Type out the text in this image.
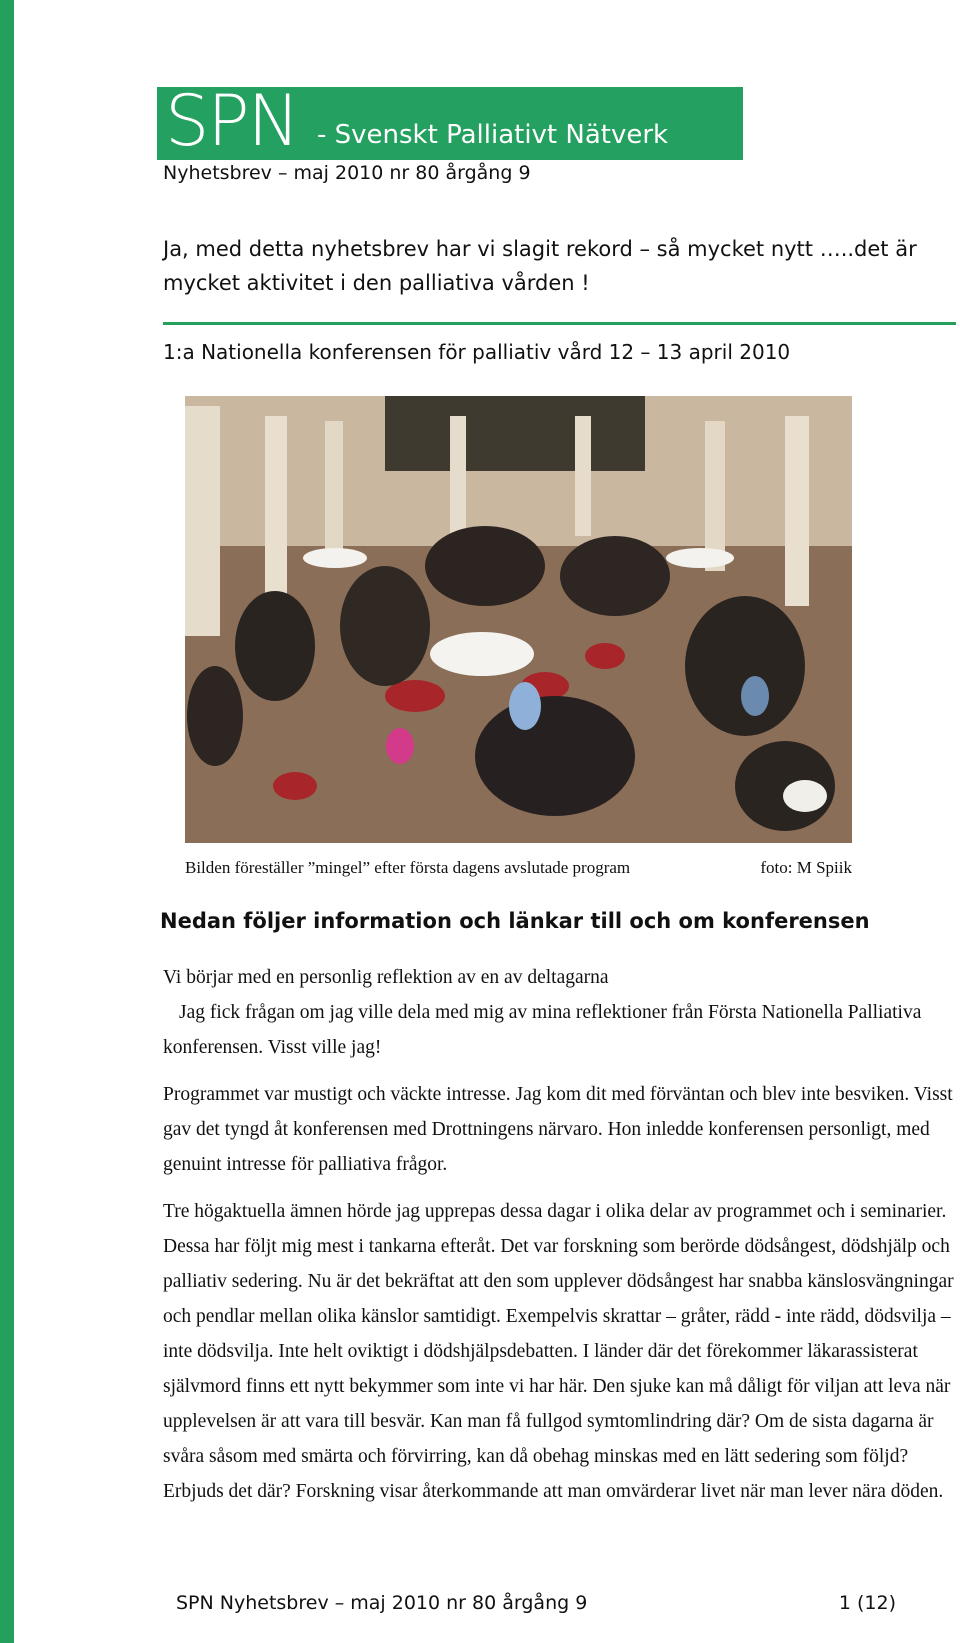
SPN - Svenskt Palliativt Nätverk
Nyhetsbrev – maj 2010 nr 80 årgång 9

Ja, med detta nyhetsbrev har vi slagit rekord – så mycket nytt …..det är mycket aktivitet i den palliativa vården !

1:a Nationella konferensen för palliativ vård 12 – 13 april 2010
Bilden föreställer ”mingel” efter första dagens avslutade program	foto: M Spiik
Nedan följer information och länkar till och om konferensen

Vi börjar med en personlig reflektion av en av deltagarna

Jag fick frågan om jag ville dela med mig av mina reflektioner från Första Nationella Palliativa konferensen. Visst ville jag!

Programmet var mustigt och väckte intresse. Jag kom dit med förväntan och blev inte besviken. Visst gav det tyngd åt konferensen med Drottningens närvaro. Hon inledde konferensen personligt, med genuint intresse för palliativa frågor.

Tre högaktuella ämnen hörde jag upprepas dessa dagar i olika delar av programmet och i seminarier. Dessa har följt mig mest i tankarna efteråt. Det var forskning som berörde dödsångest, dödshjälp och palliativ sedering. Nu är det bekräftat att den som upplever dödsångest har snabba känslosvängningar och pendlar mellan olika känslor samtidigt. Exempelvis skrattar – gråter, rädd - inte rädd, dödsvilja – inte dödsvilja. Inte helt oviktigt i dödshjälpsdebatten. I länder där det förekommer läkarassisterat självmord finns ett nytt bekymmer som inte vi har här. Den sjuke kan må dåligt för viljan att leva när upplevelsen är att vara till besvär. Kan man få fullgod symtomlindring där? Om de sista dagarna är svåra såsom med smärta och förvirring, kan då obehag minskas med en lätt sedering som följd? Erbjuds det där? Forskning visar återkommande att man omvärderar livet när man lever nära döden.

SPN Nyhetsbrev – maj 2010 nr 80 årgång 9	1 (12)
